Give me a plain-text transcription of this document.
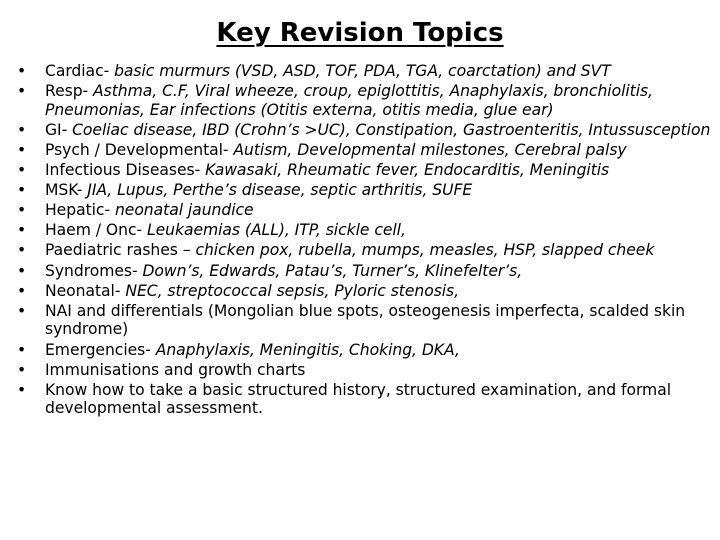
Key Revision Topics
• Cardiac- basic murmurs (VSD, ASD, TOF, PDA, TGA, coarctation) and SVT
• Resp- Asthma, C.F, Viral wheeze, croup, epiglottitis, Anaphylaxis, bronchiolitis, Pneumonias, Ear infections (Otitis externa, otitis media, glue ear)
• GI- Coeliac disease, IBD (Crohn’s >UC), Constipation, Gastroenteritis, Intussusception
• Psych / Developmental- Autism, Developmental milestones, Cerebral palsy
• Infectious Diseases- Kawasaki, Rheumatic fever, Endocarditis, Meningitis
• MSK- JIA, Lupus, Perthe’s disease, septic arthritis, SUFE
• Hepatic- neonatal jaundice
• Haem / Onc- Leukaemias (ALL), ITP, sickle cell,
• Paediatric rashes – chicken pox, rubella, mumps, measles, HSP, slapped cheek
• Syndromes- Down’s, Edwards, Patau’s, Turner’s, Klinefelter’s,
• Neonatal- NEC, streptococcal sepsis, Pyloric stenosis,
• NAI and differentials (Mongolian blue spots, osteogenesis imperfecta, scalded skin syndrome)
• Emergencies- Anaphylaxis, Meningitis, Choking, DKA,
• Immunisations and growth charts
• Know how to take a basic structured history, structured examination, and formal developmental assessment.
